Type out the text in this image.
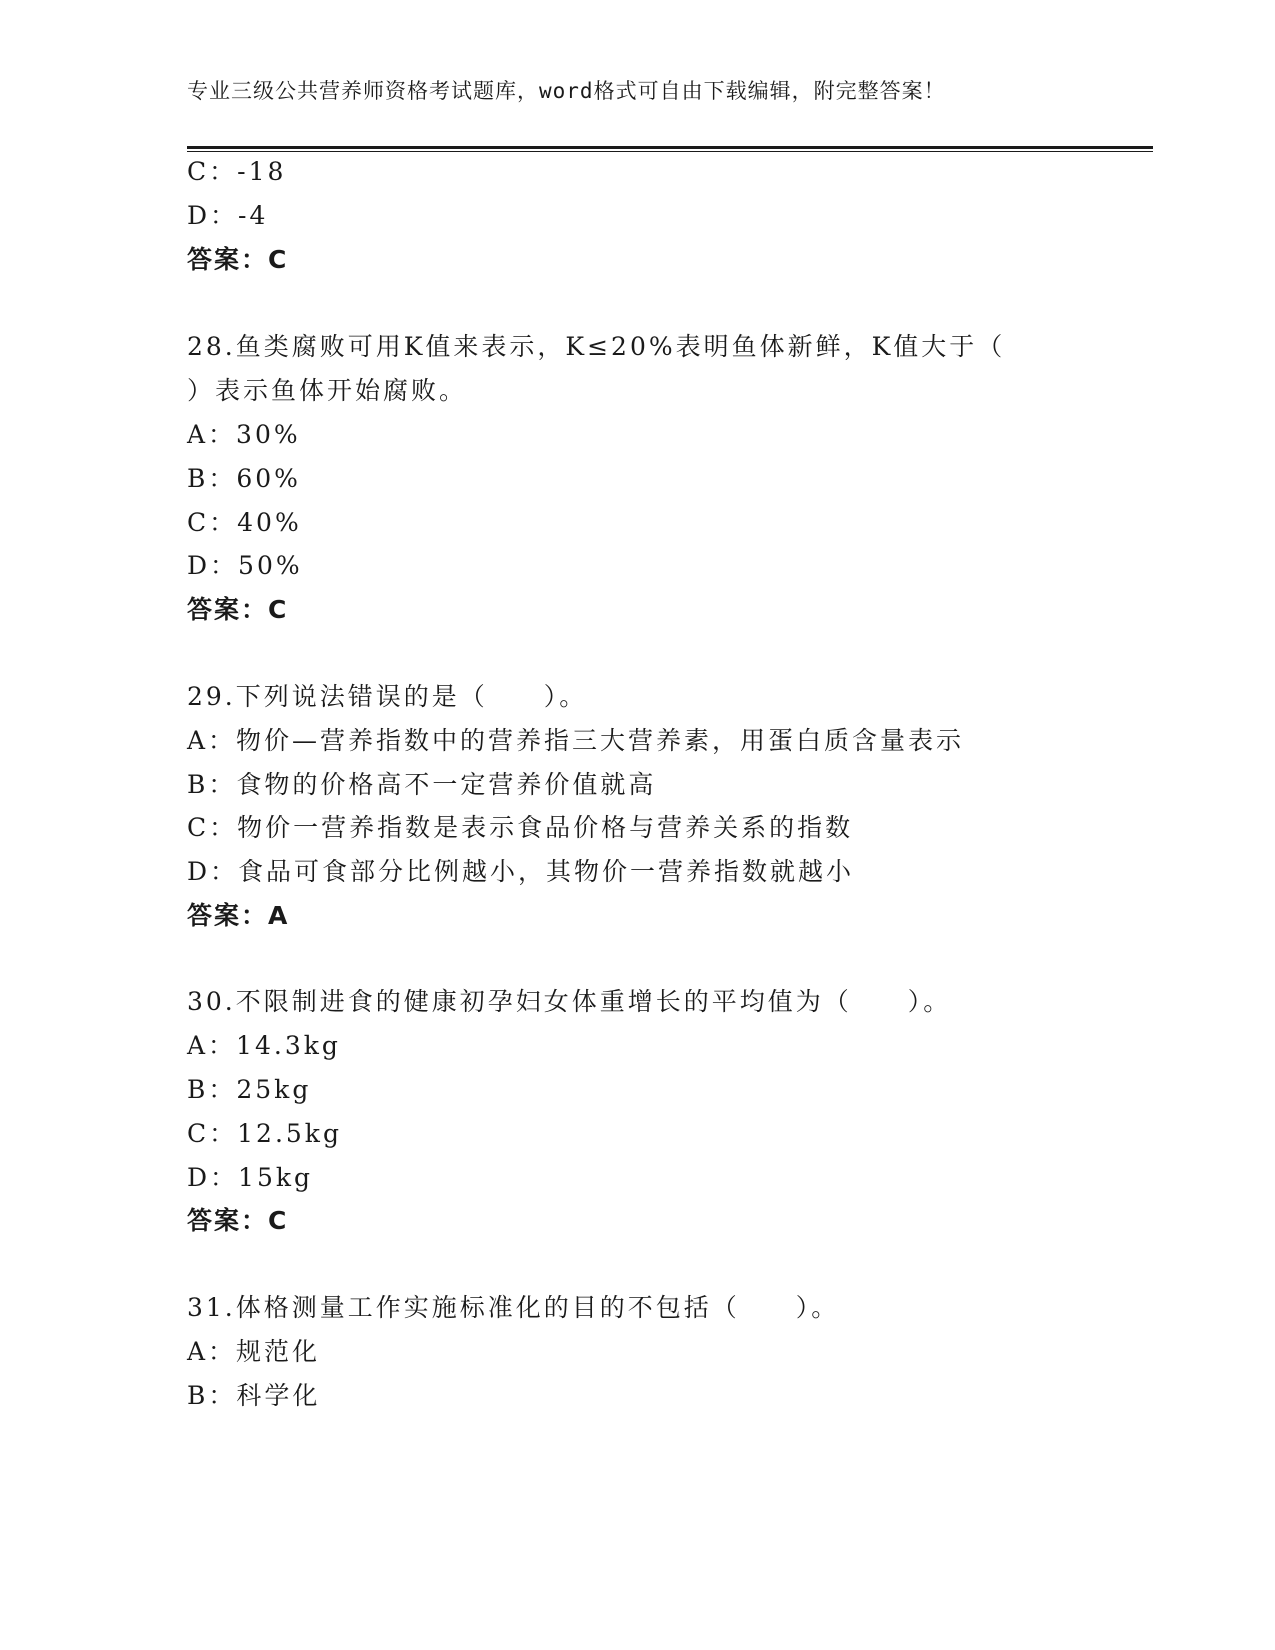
专业三级公共营养师资格考试题库，word格式可自由下载编辑，附完整答案！
C：-18
D：-4
答案：C
28.鱼类腐败可用K值来表示，K≤20%表明鱼体新鲜，K值大于（
）表示鱼体开始腐败。
A：30%
B：60%
C：40%
D：50%
答案：C
29.下列说法错误的是（　　）。
A：物价—营养指数中的营养指三大营养素，用蛋白质含量表示
B：食物的价格高不一定营养价值就高
C：物价一营养指数是表示食品价格与营养关系的指数
D：食品可食部分比例越小，其物价一营养指数就越小
答案：A
30.不限制进食的健康初孕妇女体重增长的平均值为（　　）。
A：14.3kg
B：25kg
C：12.5kg
D：15kg
答案：C
31.体格测量工作实施标准化的目的不包括（　　）。
A：规范化
B：科学化
